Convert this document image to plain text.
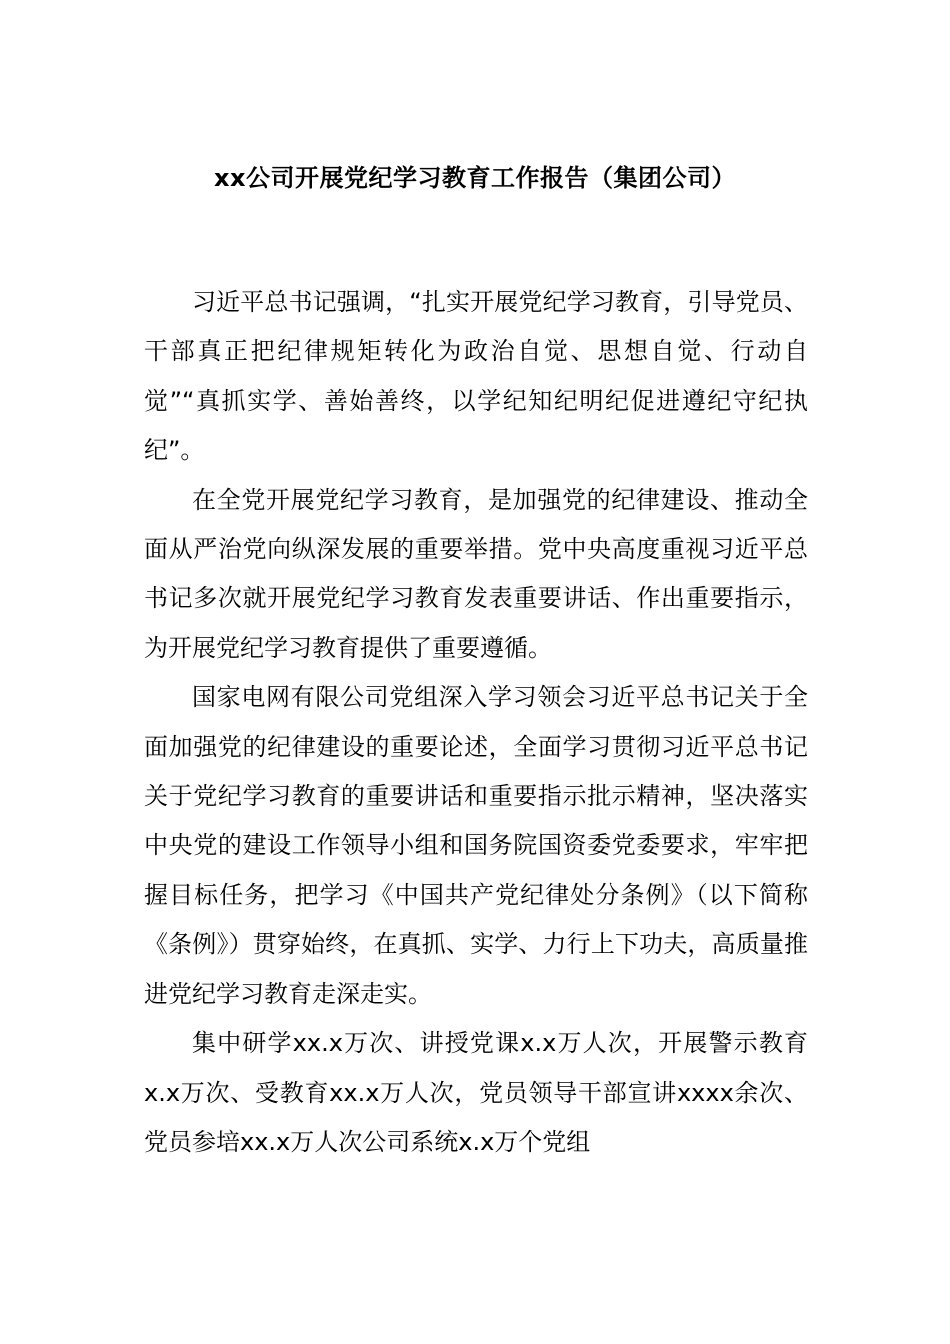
xx公司开展党纪学习教育工作报告（集团公司）

习近平总书记强调，“扎实开展党纪学习教育，引导党员、干部真正把纪律规矩转化为政治自觉、思想自觉、行动自觉”“真抓实学、善始善终，以学纪知纪明纪促进遵纪守纪执纪”。

在全党开展党纪学习教育，是加强党的纪律建设、推动全面从严治党向纵深发展的重要举措。党中央高度重视习近平总书记多次就开展党纪学习教育发表重要讲话、作出重要指示，为开展党纪学习教育提供了重要遵循。

国家电网有限公司党组深入学习领会习近平总书记关于全面加强党的纪律建设的重要论述，全面学习贯彻习近平总书记关于党纪学习教育的重要讲话和重要指示批示精神，坚决落实中央党的建设工作领导小组和国务院国资委党委要求，牢牢把握目标任务，把学习《中国共产党纪律处分条例》（以下简称《条例》）贯穿始终，在真抓、实学、力行上下功夫，高质量推进党纪学习教育走深走实。

集中研学xx.x万次、讲授党课x.x万人次，开展警示教育x.x万次、受教育xx.x万人次，党员领导干部宣讲xxxx余次、党员参培xx.x万人次公司系统x.x万个党组
